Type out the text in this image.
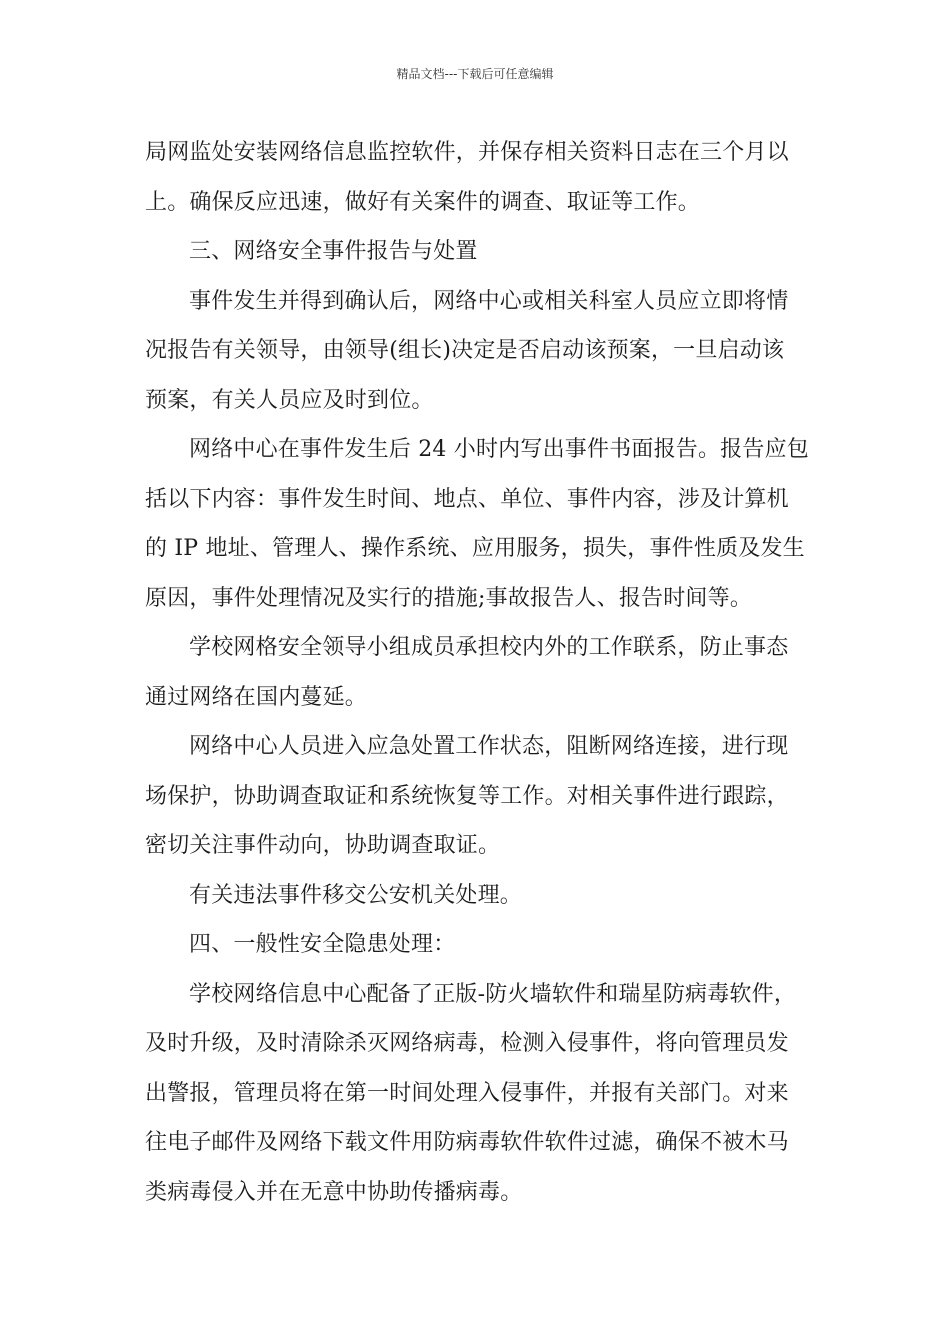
精品文档---下载后可任意编辑
局网监处安装网络信息监控软件，并保存相关资料日志在三个月以
上。确保反应迅速，做好有关案件的调查、取证等工作。
三、网络安全事件报告与处置
事件发生并得到确认后，网络中心或相关科室人员应立即将情
况报告有关领导，由领导(组长)决定是否启动该预案，一旦启动该
预案，有关人员应及时到位。
网络中心在事件发生后 24 小时内写出事件书面报告。报告应包
括以下内容：事件发生时间、地点、单位、事件内容，涉及计算机
的 IP 地址、管理人、操作系统、应用服务，损失，事件性质及发生
原因，事件处理情况及实行的措施;事故报告人、报告时间等。
学校网格安全领导小组成员承担校内外的工作联系，防止事态
通过网络在国内蔓延。
网络中心人员进入应急处置工作状态，阻断网络连接，进行现
场保护，协助调查取证和系统恢复等工作。对相关事件进行跟踪，
密切关注事件动向，协助调查取证。
有关违法事件移交公安机关处理。
四、一般性安全隐患处理：
学校网络信息中心配备了正版-防火墙软件和瑞星防病毒软件，
及时升级，及时清除杀灭网络病毒，检测入侵事件，将向管理员发
出警报，管理员将在第一时间处理入侵事件，并报有关部门。对来
往电子邮件及网络下载文件用防病毒软件软件过滤，确保不被木马
类病毒侵入并在无意中协助传播病毒。
